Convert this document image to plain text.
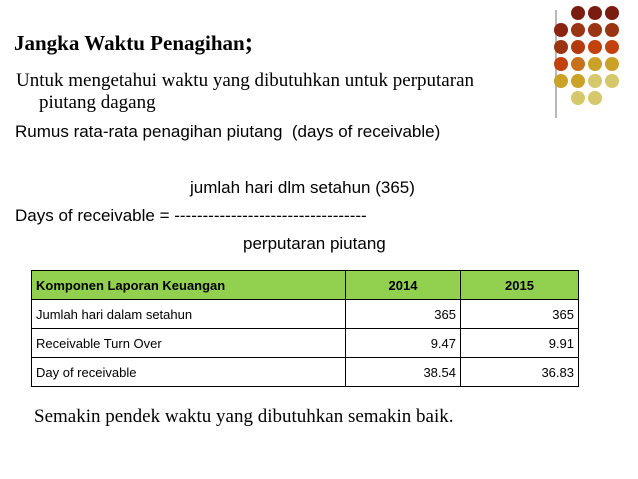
Jangka Waktu Penagihan;
Untuk mengetahui waktu yang dibutuhkan untuk perputaran
piutang dagang
Rumus rata-rata penagihan piutang  (days of receivable)
jumlah hari dlm setahun (365)
Days of receivable = ----------------------------------
perputaran piutang
Komponen Laporan Keuangan	2014	2015
Jumlah hari dalam setahun	365	365
Receivable Turn Over	9.47	9.91
Day of receivable	38.54	36.83
Semakin pendek waktu yang dibutuhkan semakin baik.
